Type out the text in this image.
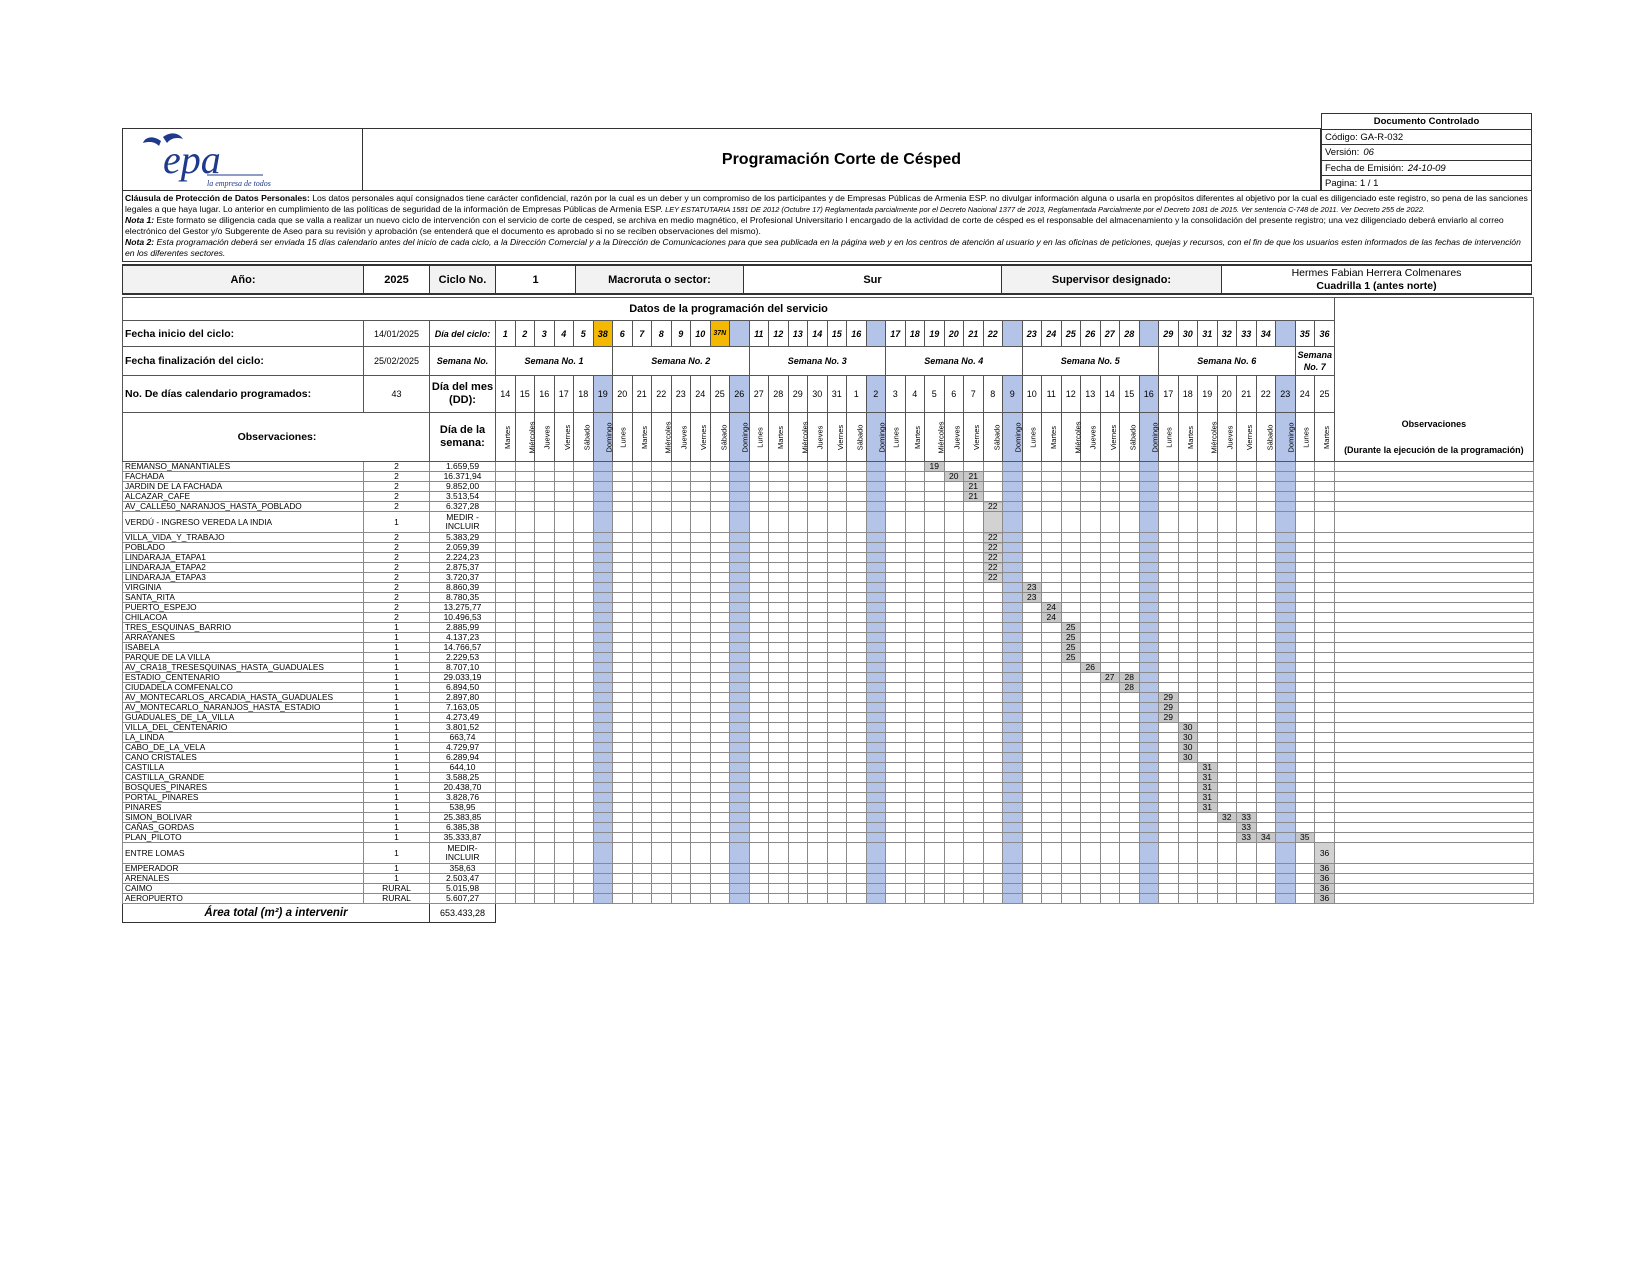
epa
la empresa de todos
Programación Corte de Césped
Documento Controlado
Código: GA-R-032
Versión: 06
Fecha de Emisión: 24-10-09
Pagina: 1 / 1

Cláusula de Protección de Datos Personales: Los datos personales aquí consignados tiene carácter confidencial, razón por la cual es un deber y un compromiso de los participantes y de Empresas Públicas de Armenia ESP. no divulgar información alguna o usarla en propósitos diferentes al objetivo por la cual es diligenciado este registro, so pena de las sanciones legales a que haya lugar. Lo anterior en cumplimiento de las políticas de seguridad de la información de Empresas Públicas de Armenia ESP. LEY ESTATUTARIA 1581 DE 2012 (Octubre 17) Reglamentada parcialmente por el Decreto Nacional 1377 de 2013, Reglamentada Parcialmente por el Decreto 1081 de 2015. Ver sentencia C-748 de 2011. Ver Decreto 255 de 2022.

Nota 1: Este formato se diligencia cada que se valla a realizar un nuevo ciclo de intervención con el servicio de corte de cesped, se archiva en medio magnético, el Profesional Universitario I encargado de la actividad de corte de césped es el responsable del almacenamiento y la consolidación del presente registro; una vez diligenciado deberá enviarlo al correo electrónico del Gestor y/o Subgerente de Aseo para su revisión y aprobación (se entenderá que el documento es aprobado si no se reciben observaciones del mismo).

Nota 2: Esta programación deberá ser enviada 15 días calendario antes del inicio de cada ciclo, a la Dirección Comercial y a la Dirección de Comunicaciones para que sea publicada en la página web y en los centros de atención al usuario y en las oficinas de peticiones, quejas y recursos, con el fin de que los usuarios esten informados de las fechas de intervención en los diferentes sectores.

Año:	2025	Ciclo No.	1	Macroruta o sector:	Sur	Supervisor designado:
Hermes Fabian Herrera Colmenares
Cuadrilla 1 (antes norte)
Datos de la programación del servicio																																														Observaciones

(Durante la ejecución de la programación)

Fecha inicio del ciclo:	14/01/2025	Día del ciclo:	1	2	3	4	5	38	6	7	8	9	10	37N		11	12	13	14	15	16		17	18	19	20	21	22		23	24	25	26	27	28		29	30	31	32	33	34		35	36	
Fecha finalización del ciclo:	25/02/2025	Semana No.	Semana No. 1						Semana No. 2							Semana No. 3							Semana No. 4							Semana No. 5							Semana No. 6							Semana No. 7		
No. De días calendario programados:	43	Día del mes (DD):	14	15	16	17	18	19	20	21	22	23	24	25	26	27	28	29	30	31	1	2	3	4	5	6	7	8	9	10	11	12	13	14	15	16	17	18	19	20	21	22	23	24	25	
Observaciones:		Día de la semana:	Martes	Miércoles	Jueves	Viernes	Sábado	Domingo	Lunes	Martes	Miércoles	Jueves	Viernes	Sábado	Domingo	Lunes	Martes	Miércoles	Jueves	Viernes	Sábado	Domingo	Lunes	Martes	Miércoles	Jueves	Viernes	Sábado	Domingo	Lunes	Martes	Miércoles	Jueves	Viernes	Sábado	Domingo	Lunes	Martes	Miércoles	Jueves	Viernes	Sábado	Domingo	Lunes	Martes	
REMANSO_MANANTIALES	2	1.659,59																							19																					
FACHADA	2	16.371,94																								20	21																			
JARDIN DE LA FACHADA	2	9.852,00																									21																			
ALCAZAR_CAFE	2	3.513,54																									21																			
AV_CALLE50_NARANJOS_HASTA_POBLADO	2	6.327,28																										22																		
VERDÚ - INGRESO VEREDA LA INDIA	1	MEDIR - INCLUIR																																												
VILLA_VIDA_Y_TRABAJO	2	5.383,29																										22																		
POBLADO	2	2.059,39																										22																		
LINDARAJA_ETAPA1	2	2.224,23																										22																		
LINDARAJA_ETAPA2	2	2.875,37																										22																		
LINDARAJA_ETAPA3	2	3.720,37																										22																		
VIRGINIA	2	8.860,39																												23																
SANTA_RITA	2	8.780,35																												23																
PUERTO_ESPEJO	2	13.275,77																													24															
CHILACOA	2	10.496,53																													24															
TRES_ESQUINAS_BARRIO	1	2.885,99																														25														
ARRAYANES	1	4.137,23																														25														
ISABELA	1	14.766,57																														25														
PARQUE DE LA VILLA	1	2.229,53																														25														
AV_CRA18_TRESESQUINAS_HASTA_GUADUALES	1	8.707,10																															26													
ESTADIO_CENTENARIO	1	29.033,19																																27	28											
CIUDADELA COMFENALCO	1	6.894,50																																	28											
AV_MONTECARLOS_ARCADIA_HASTA_GUADUALES	1	2.897,80																																			29									
AV_MONTECARLO_NARANJOS_HASTA_ESTADIO	1	7.163,05																																			29									
GUADUALES_DE_LA_VILLA	1	4.273,49																																			29									
VILLA_DEL_CENTENARIO	1	3.801,52																																				30								
LA_LINDA	1	663,74																																				30								
CABO_DE_LA_VELA	1	4.729,97																																				30								
CANO CRISTALES	1	6.289,94																																				30								
CASTILLA	1	644,10																																					31							
CASTILLA_GRANDE	1	3.588,25																																					31							
BOSQUES_PINARES	1	20.438,70																																					31							
PORTAL_PINARES	1	3.828,76																																					31							
PINARES	1	538,95																																					31							
SIMON_BOLIVAR	1	25.383,85																																						32	33					
CAÑAS_GORDAS	1	6.385,38																																							33					
PLAN_PILOTO	1	35.333,87																																							33	34		35		
ENTRE LOMAS	1	MEDIR- INCLUIR																																											36	
EMPERADOR	1	358,63																																											36	
ARENALES	1	2.503,47																																											36	
CAIMO	RURAL	5.015,98																																											36	
AEROPUERTO	RURAL	5.607,27																																											36	
Área total (m²) a intervenir		653.433,28																																												
